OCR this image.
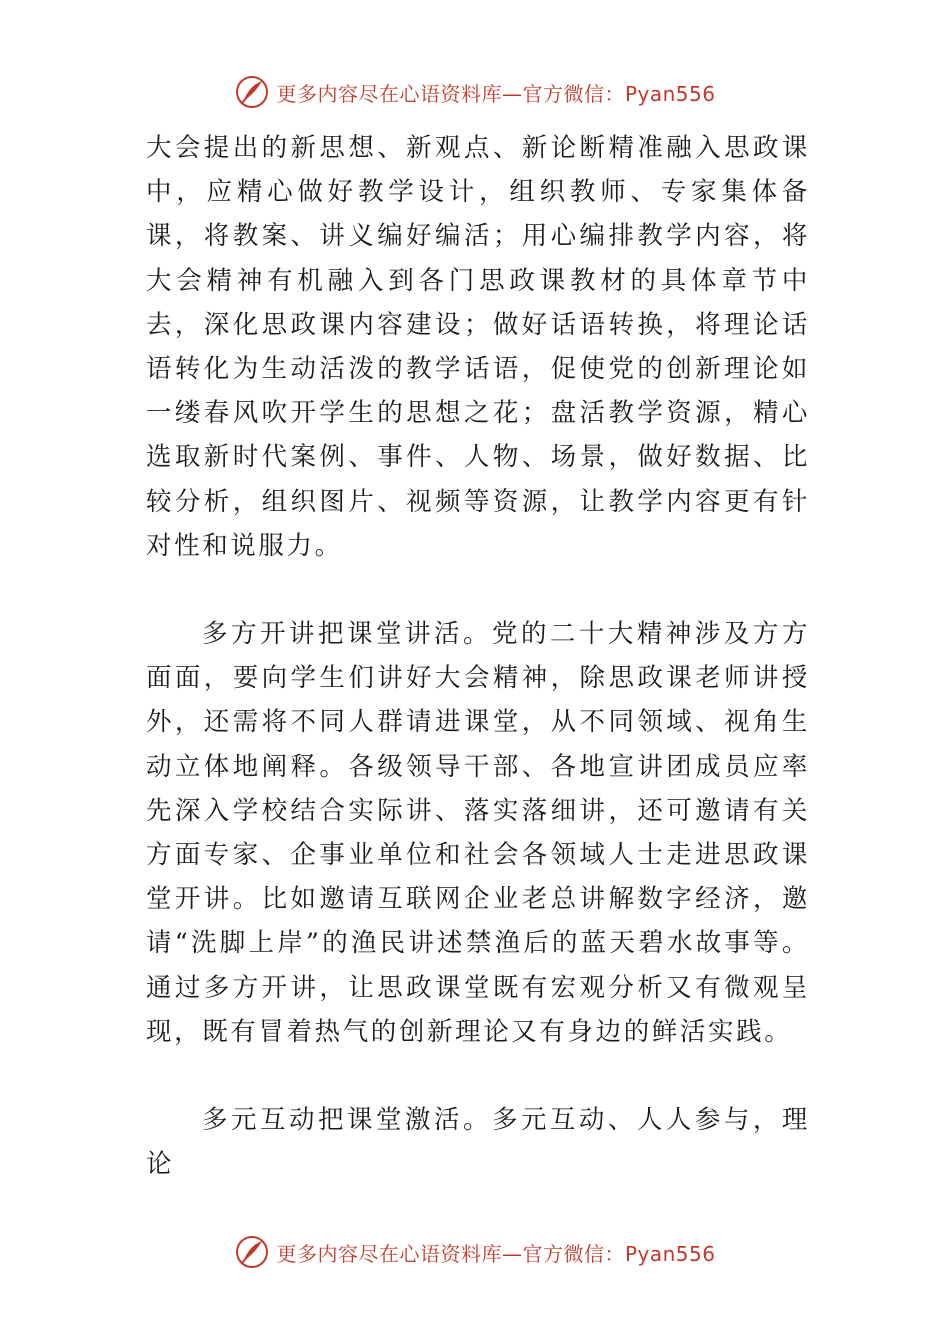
更多内容尽在心语资料库—官方微信：Pyan556

大会提出的新思想、新观点、新论断精准融入思政课中，应精心做好教学设计，组织教师、专家集体备课，将教案、讲义编好编活；用心编排教学内容，将大会精神有机融入到各门思政课教材的具体章节中去，深化思政课内容建设；做好话语转换，将理论话语转化为生动活泼的教学话语，促使党的创新理论如一缕春风吹开学生的思想之花；盘活教学资源，精心选取新时代案例、事件、人物、场景，做好数据、比较分析，组织图片、视频等资源，让教学内容更有针对性和说服力。

多方开讲把课堂讲活。党的二十大精神涉及方方面面，要向学生们讲好大会精神，除思政课老师讲授外，还需将不同人群请进课堂，从不同领域、视角生动立体地阐释。各级领导干部、各地宣讲团成员应率先深入学校结合实际讲、落实落细讲，还可邀请有关方面专家、企事业单位和社会各领域人士走进思政课堂开讲。比如邀请互联网企业老总讲解数字经济，邀请“洗脚上岸”的渔民讲述禁渔后的蓝天碧水故事等。通过多方开讲，让思政课堂既有宏观分析又有微观呈现，既有冒着热气的创新理论又有身边的鲜活实践。

多元互动把课堂激活。多元互动、人人参与，理论

更多内容尽在心语资料库—官方微信：Pyan556
